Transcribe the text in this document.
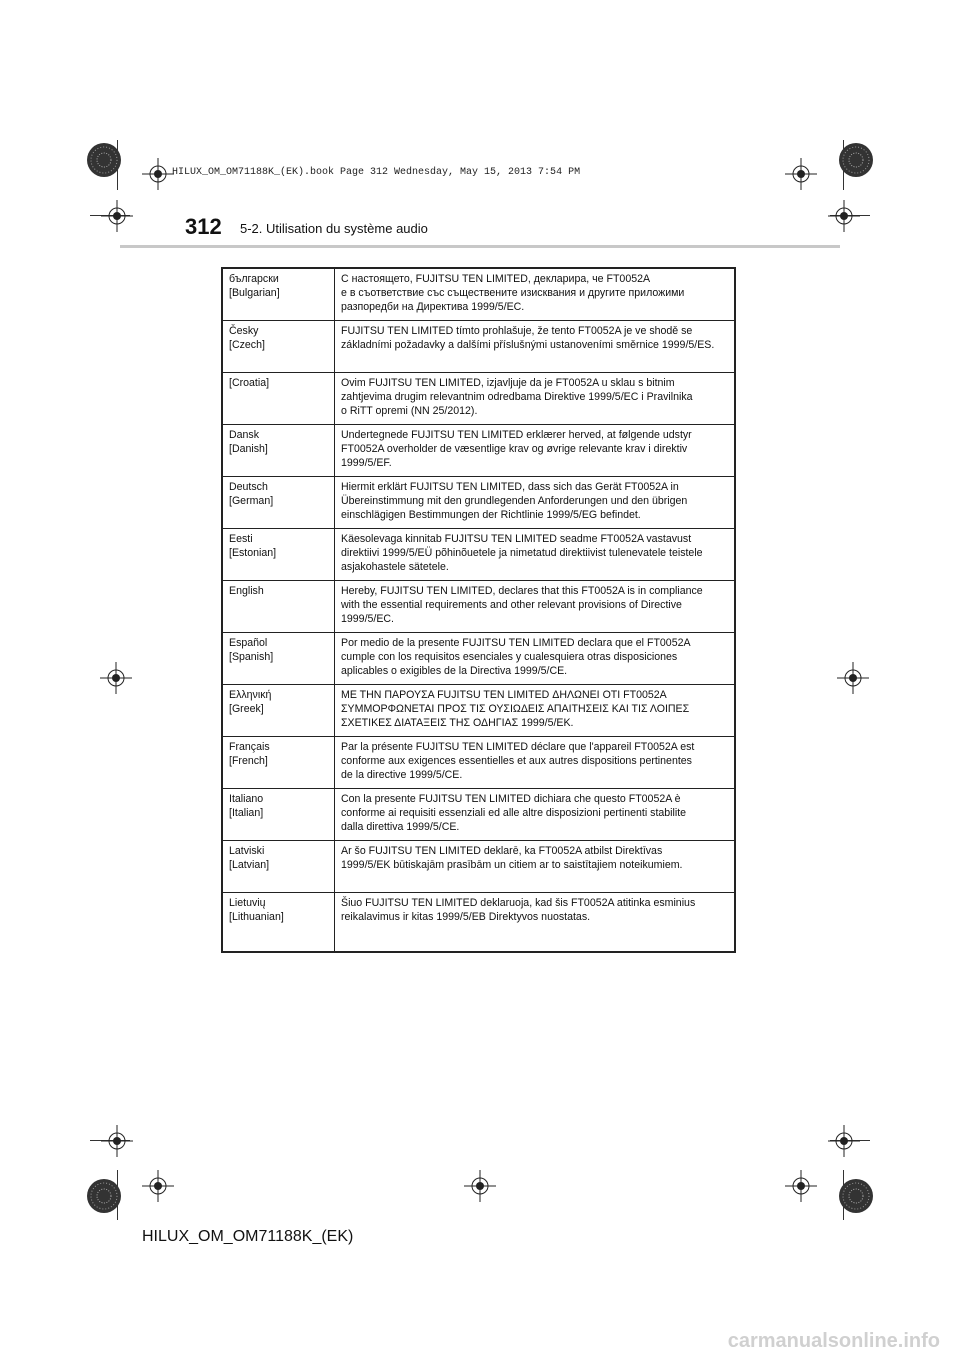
HILUX_OM_OM71188K_(EK).book Page 312 Wednesday, May 15, 2013 7:54 PM
312 5-2. Utilisation du système audio
български
[Bulgarian]	С настоящето, FUJITSU TEN LIMITED, декларира, че FT0052A
е в съответствие със съществените изисквания и другите приложими
разпоредби на Директива 1999/5/ЕС.
Česky
[Czech]	FUJITSU TEN LIMITED tímto prohlašuje, že tento FT0052A je ve shodě se
základními požadavky a dalšími příslušnými ustanoveními směrnice 1999/5/ES.
[Croatia]	Ovim FUJITSU TEN LIMITED, izjavljuje da je FT0052A u sklau s bitnim
zahtjevima drugim relevantnim odredbama Direktive 1999/5/EC i Pravilnika
o RiTT opremi (NN 25/2012).
Dansk
[Danish]	Undertegnede FUJITSU TEN LIMITED erklærer herved, at følgende udstyr
FT0052A overholder de væsentlige krav og øvrige relevante krav i direktiv
1999/5/EF.
Deutsch
[German]	Hiermit erklärt FUJITSU TEN LIMITED, dass sich das Gerät FT0052A in
Übereinstimmung mit den grundlegenden Anforderungen und den übrigen
einschlägigen Bestimmungen der Richtlinie 1999/5/EG befindet.
Eesti
[Estonian]	Käesolevaga kinnitab FUJITSU TEN LIMITED seadme FT0052A vastavust
direktiivi 1999/5/EÜ põhinõuetele ja nimetatud direktiivist tulenevatele teistele
asjakohastele sätetele.
English	Hereby, FUJITSU TEN LIMITED, declares that this FT0052A is in compliance
with the essential requirements and other relevant provisions of Directive
1999/5/EC.
Español
[Spanish]	Por medio de la presente FUJITSU TEN LIMITED declara que el FT0052A
cumple con los requisitos esenciales y cualesquiera otras disposiciones
aplicables o exigibles de la Directiva 1999/5/CE.
Ελληνική
[Greek]	ΜΕ ΤΗΝ ΠΑΡΟΥΣΑ FUJITSU TEN LIMITED ΔΗΛΩΝΕΙ ΟΤΙ FT0052A
ΣΥΜΜΟΡΦΩΝΕΤΑΙ ΠΡΟΣ ΤΙΣ ΟΥΣΙΩΔΕΙΣ ΑΠΑΙΤΗΣΕΙΣ ΚΑΙ ΤΙΣ ΛΟΙΠΕΣ
ΣΧΕΤΙΚΕΣ ΔΙΑΤΑΞΕΙΣ ΤΗΣ ΟΔΗΓΙΑΣ 1999/5/ΕΚ.
Français
[French]	Par la présente FUJITSU TEN LIMITED déclare que l'appareil FT0052A est
conforme aux exigences essentielles et aux autres dispositions pertinentes
de la directive 1999/5/CE.
Italiano
[Italian]	Con la presente FUJITSU TEN LIMITED dichiara che questo FT0052A è
conforme ai requisiti essenziali ed alle altre disposizioni pertinenti stabilite
dalla direttiva 1999/5/CE.
Latviski
[Latvian]	Ar šo FUJITSU TEN LIMITED deklarē, ka FT0052A atbilst Direktīvas
1999/5/EK būtiskajām prasībām un citiem ar to saistītajiem noteikumiem.
Lietuvių
[Lithuanian]	Šiuo FUJITSU TEN LIMITED deklaruoja, kad šis FT0052A atitinka esminius
reikalavimus ir kitas 1999/5/EB Direktyvos nuostatas.
HILUX_OM_OM71188K_(EK)
carmanualsonline.info
